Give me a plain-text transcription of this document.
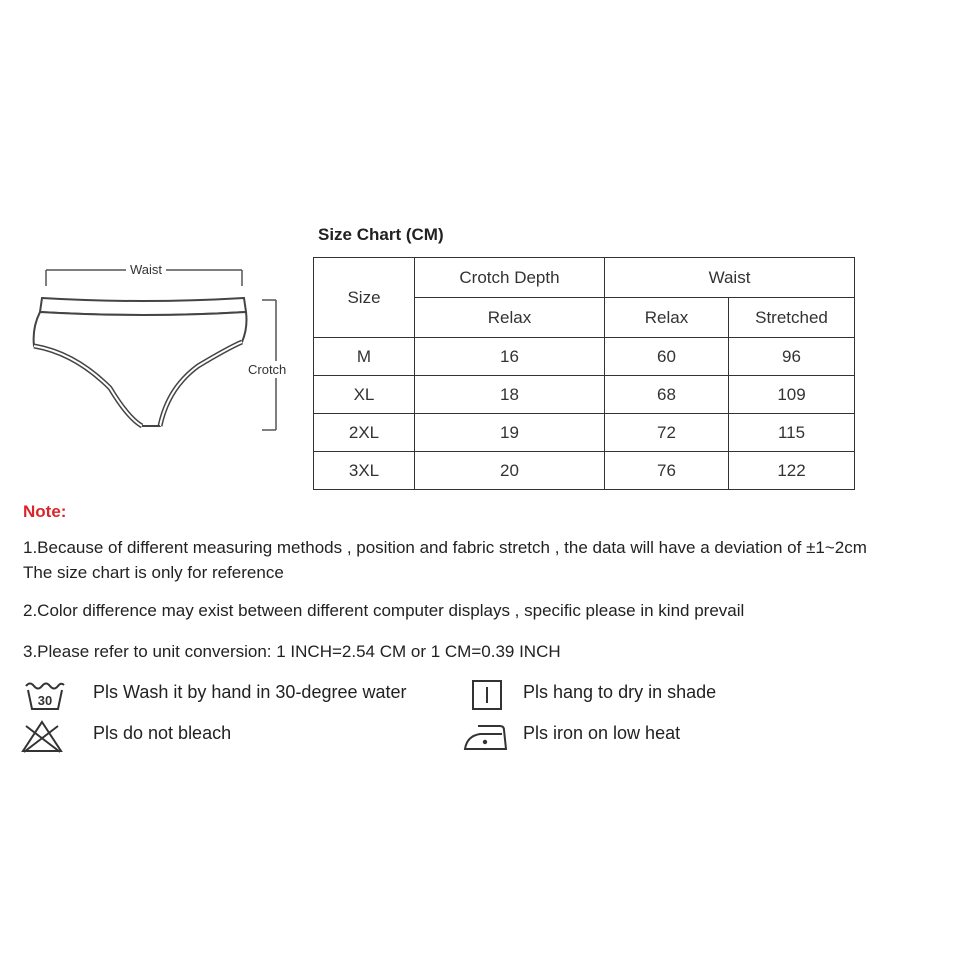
Waist
Crotch
Size Chart (CM)
Size	Crotch Depth	Waist	
	Relax	Relax	Stretched
M	16	60	96
XL	18	68	109
2XL	19	72	115
3XL	20	76	122
Note:
1.Because of different measuring methods , position and fabric stretch , the data will have a deviation of ±1~2cm
The size chart is only for reference
2.Color difference may exist between different computer displays , specific please in kind prevail
3.Please refer to unit conversion: 1 INCH=2.54 CM or 1 CM=0.39 INCH
30 Pls Wash it by hand in 30-degree water	Pls hang to dry in shade
Pls do not bleach	Pls iron on low heat
